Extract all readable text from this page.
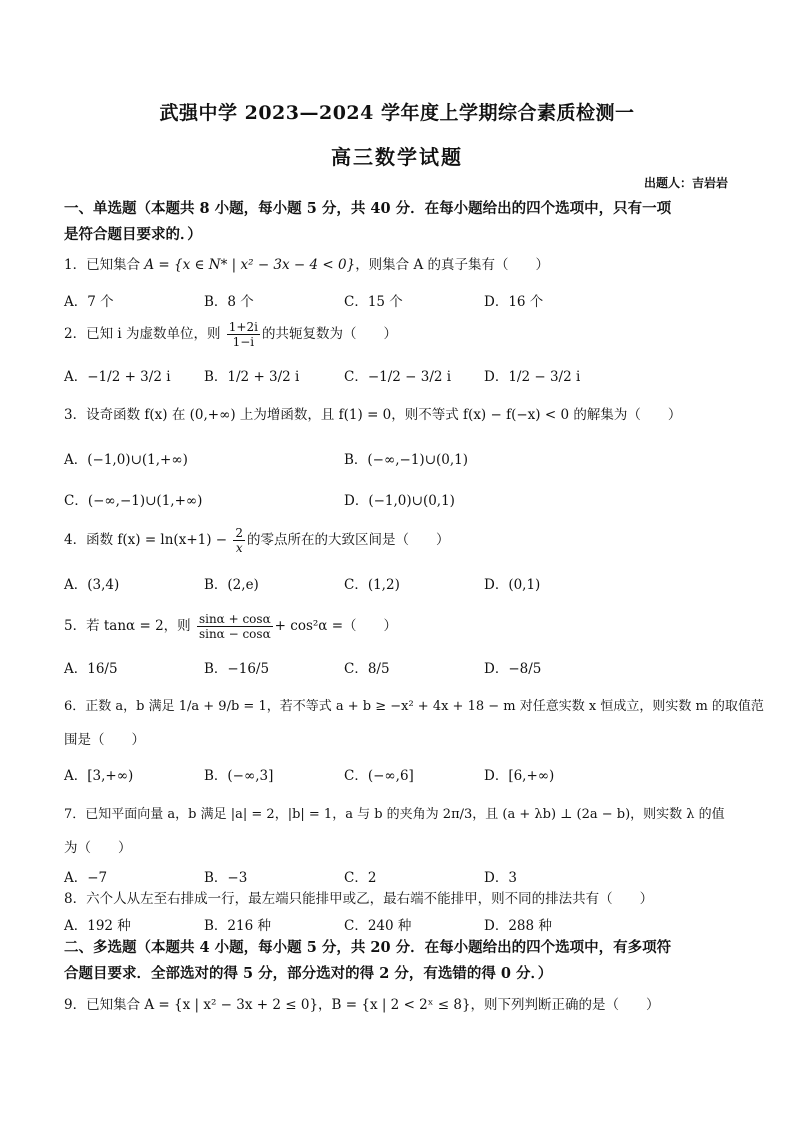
武强中学 2023—2024 学年度上学期综合素质检测一
高三数学试题
出题人：吉岩岩
一、单选题（本题共 8 小题，每小题 5 分，共 40 分．在每小题给出的四个选项中，只有一项
是符合题目要求的．）
1．已知集合 A = {x ∈ N* | x² − 3x − 4 < 0}，则集合 A 的真子集有（　　）
A．7 个	B．8 个	C．15 个	D．16 个
2．已知 i 为虚数单位，则 $\frac{1+2i}{1-i}$ 的共轭复数为（　　）
A．−1/2 + 3/2 i B．1/2 + 3/2 i	C．−1/2 − 3/2 i D．1/2 − 3/2 i
3．设奇函数 f(x) 在 (0,+∞) 上为增函数，且 f(1) = 0，则不等式 f(x) − f(−x) < 0 的解集为（　　）
A．(−1,0)∪(1,+∞)	B．(−∞,−1)∪(0,1)
C．(−∞,−1)∪(1,+∞)	D．(−1,0)∪(0,1)
4．函数 $f(x) = \ln(x+1) - \frac{2}{x}$ 的零点所在的大致区间是（　　）
A．(3,4)	B．(2,e)	C．(1,2)	D．(0,1)
5．若 tanα = 2，则 $\frac{\sin\alpha + \cos\alpha}{\sin\alpha - \cos\alpha} + \cos^2\alpha$ =（　　）
A．16/5	B．−16/5	C．8/5	D．−8/5
6．正数 a，b 满足 1/a + 9/b = 1，若不等式 a + b ≥ −x² + 4x + 18 − m 对任意实数 x 恒成立，则实数 m 的取值范
围是（　　）
A．[3,+∞)	B．(−∞,3]	C．(−∞,6]	D．[6,+∞)
7．已知平面向量 a，b 满足 |a| = 2，|b| = 1，a 与 b 的夹角为 2π/3，且 (a + λb) ⊥ (2a − b)，则实数 λ 的值
为（　　）
A．−7	B．−3	C．2	D．3
8．六个人从左至右排成一行，最左端只能排甲或乙，最右端不能排甲，则不同的排法共有（　　）
A．192 种	B．216 种	C．240 种	D．288 种
二、多选题（本题共 4 小题，每小题 5 分，共 20 分．在每小题给出的四个选项中，有多项符
合题目要求．全部选对的得 5 分，部分选对的得 2 分，有选错的得 0 分．）
9．已知集合 A = {x | x² − 3x + 2 ≤ 0}，B = {x | 2 < 2ˣ ≤ 8}，则下列判断正确的是（　　）
